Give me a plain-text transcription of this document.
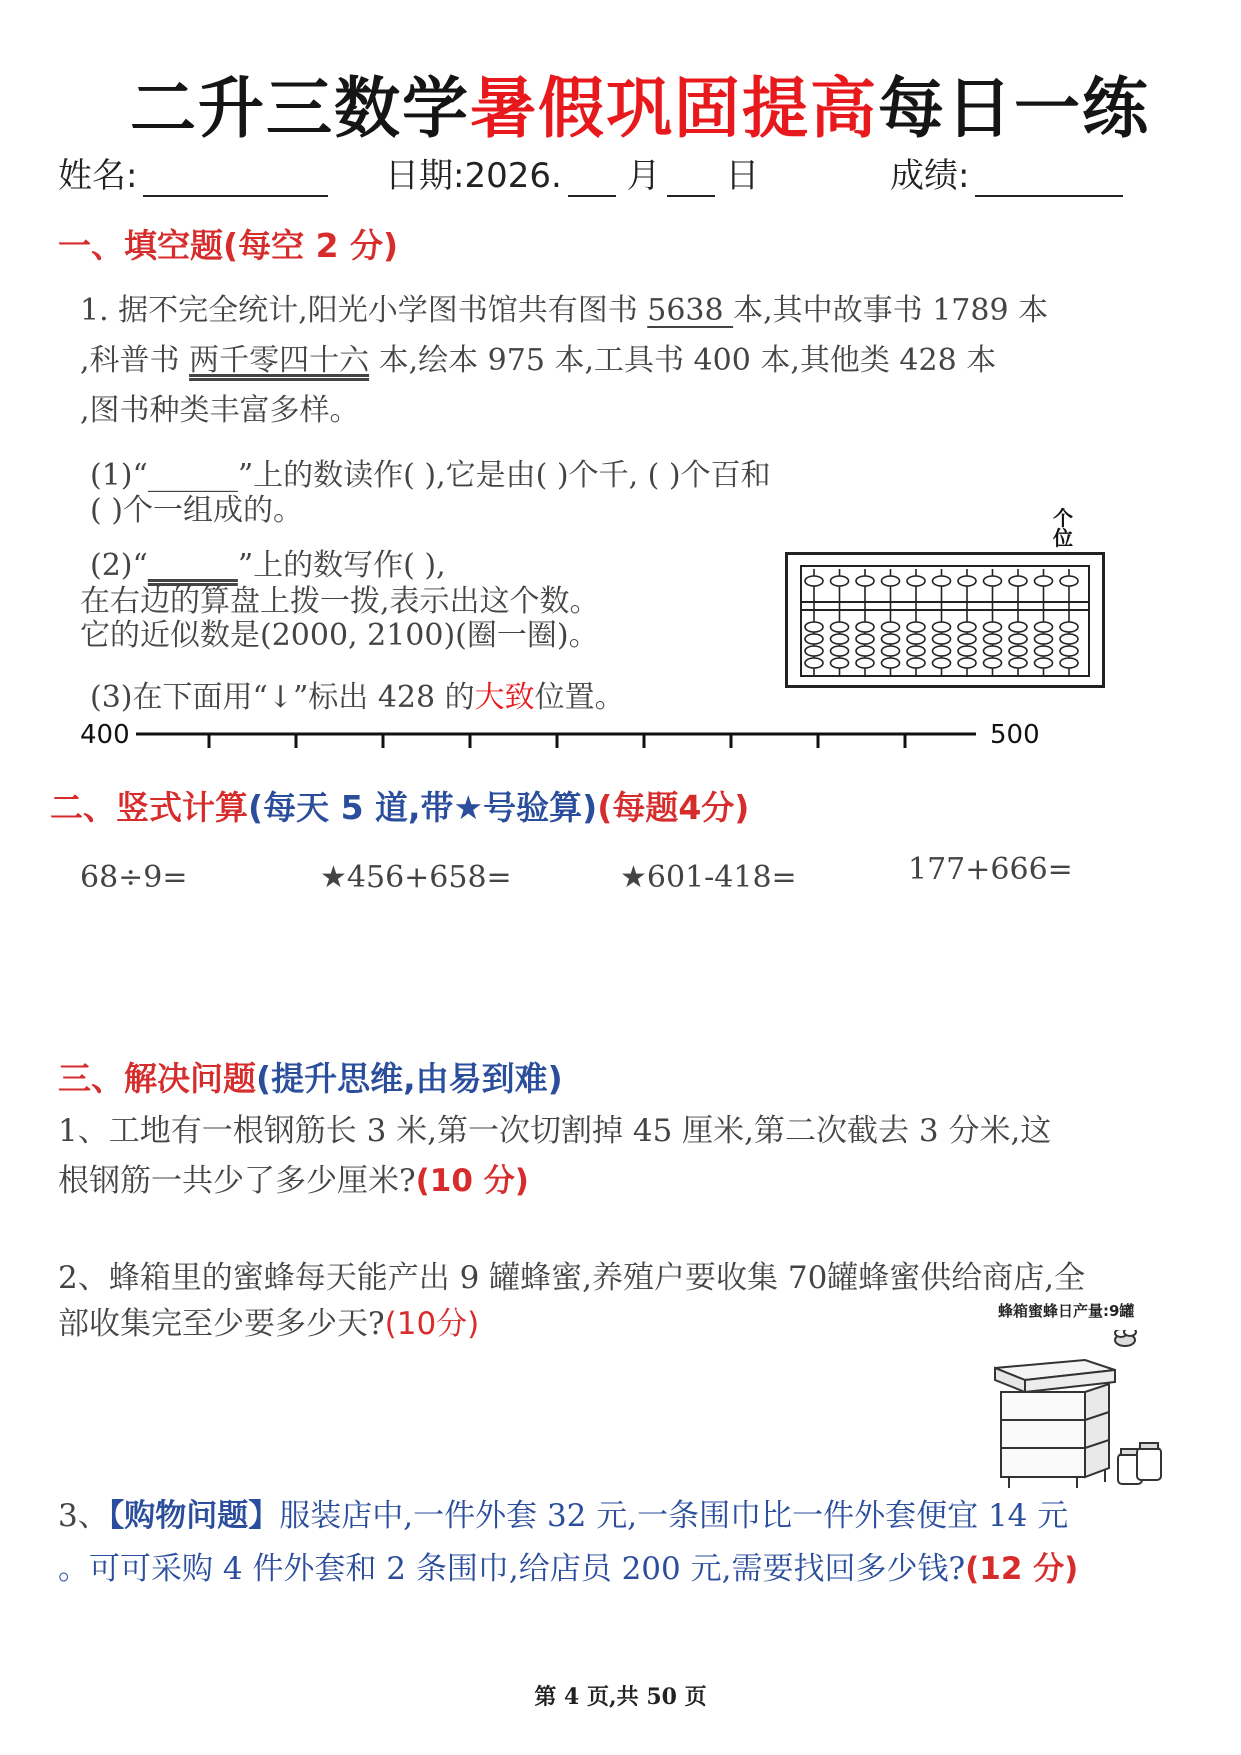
二升三数学暑假巩固提高每日一练
姓名:	日期:2026. 月 日	成绩:
一、填空题(每空 2 分)
1. 据不完全统计,阳光小学图书馆共有图书 5638 本,其中故事书 1789 本
,科普书 两千零四十六 本,绘本 975 本,工具书 400 本,其他类 428 本
,图书种类丰富多样。
(1)“______”上的数读作( ),它是由( )个千, ( )个百和
( )个一组成的。
(2)“______”上的数写作( ),
在右边的算盘上拨一拨,表示出这个数。
它的近似数是(2000, 2100)(圈一圈)。
(3)在下面用“↓”标出 428 的大致位置。
个
位
400	500
二、竖式计算(每天 5 道,带★号验算)(每题4分)
68÷9=	★456+658=	★601-418=	177+666=
三、解决问题(提升思维,由易到难)
1、工地有一根钢筋长 3 米,第一次切割掉 45 厘米,第二次截去 3 分米,这
根钢筋一共少了多少厘米?(10 分)
2、蜂箱里的蜜蜂每天能产出 9 罐蜂蜜,养殖户要收集 70罐蜂蜜供给商店,全
部收集完至少要多少天?(10分)	蜂箱蜜蜂日产量:9罐
3、【购物问题】服装店中,一件外套 32 元,一条围巾比一件外套便宜 14 元
。可可采购 4 件外套和 2 条围巾,给店员 200 元,需要找回多少钱?(12 分)
第 4 页,共 50 页
